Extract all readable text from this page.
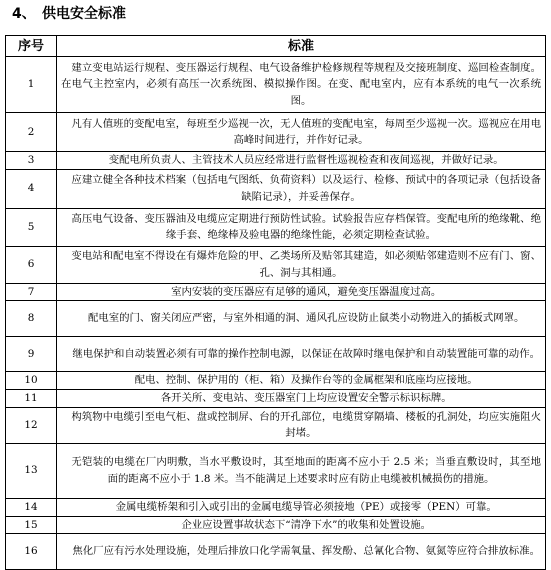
4、 供电安全标准
序号	标准
1	建立变电站运行规程、变压器运行规程、电气设备维护检修规程等规程及交接班制度、巡回检查制度。在电气主控室内，必须有高压一次系统图、模拟操作图。在变、配电室内，应有本系统的电气一次系统图。
2	凡有人值班的变配电室，每班至少巡视一次，无人值班的变配电室，每周至少巡视一次。巡视应在用电高峰时间进行，并作好记录。
3	变配电所负责人、主管技术人员应经常进行监督性巡视检查和夜间巡视，并做好记录。
4	应建立健全各种技术档案（包括电气图纸、负荷资料）以及运行、检修、预试中的各项记录（包括设备缺陷记录），并妥善保存。
5	高压电气设备、变压器油及电缆应定期进行预防性试验。试验报告应存档保管。变配电所的绝缘靴、绝缘手套、绝缘棒及验电器的绝缘性能，必须定期检查试验。
6	变电站和配电室不得设在有爆炸危险的甲、乙类场所及贴邻其建造，如必须贴邻建造则不应有门、窗、孔、洞与其相通。
7	室内安装的变压器应有足够的通风，避免变压器温度过高。
8	配电室的门、窗关闭应严密，与室外相通的洞、通风孔应设防止鼠类小动物进入的插板式网罩。
9	继电保护和自动装置必须有可靠的操作控制电源，以保证在故障时继电保护和自动装置能可靠的动作。
10	配电、控制、保护用的（柜、箱）及操作台等的金属框架和底座均应接地。
11	各开关所、变电站、变压器室门上均应设置安全警示标识标牌。
12	构筑物中电缆引至电气柜、盘或控制屏、台的开孔部位，电缆贯穿隔墙、楼板的孔洞处，均应实施阻火封堵。
13	无铠装的电缆在厂内明敷，当水平敷设时，其至地面的距离不应小于 2.5 米；当垂直敷设时，其至地面的距离不应小于 1.8 米。当不能满足上述要求时应有防止电缆被机械损伤的措施。
14	金属电缆桥架和引入或引出的金属电缆导管必须接地（PE）或接零（PEN）可靠。
15	企业应设置事故状态下“清净下水”的收集和处置设施。
16	焦化厂应有污水处理设施，处理后排放口化学需氧量、挥发酚、总氰化合物、氨氮等应符合排放标准。
